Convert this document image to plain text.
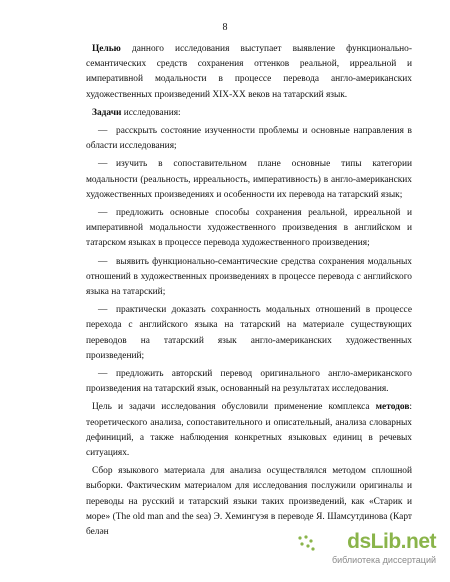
8

Целью данного исследования выступает выявление функционально-семантических средств сохранения оттенков реальной, ирреальной и императивной модальности в процессе перевода англо-американских художественных произведений XIX-XX веков на татарский язык.

Задачи исследования:

— расскрыть состояние изученности проблемы и основные направления в области исследования;

— изучить в сопоставительном плане основные типы категории модальности (реальность, ирреальность, императивность) в англо-американских художественных произведениях и особенности их перевода на татарский язык;

— предложить основные способы сохранения реальной, ирреальной и императивной модальности художественного произведения в английском и татарском языках в процессе перевода художественного произведения;

— выявить функционально-семантические средства сохранения модальных отношений в художественных произведениях в процессе перевода с английского языка на татарский;

— практически доказать сохранность модальных отношений в процессе перехода с английского языка на татарский на материале существующих переводов на татарский язык англо-американских художественных произведений;

— предложить авторский перевод оригинального англо-американского произведения на татарский язык, основанный на результатах исследования.

Цель и задачи исследования обусловили применение комплекса методов: теоретического анализа, сопоставительного и описательный, анализа словарных дефиниций, а также наблюдения конкретных языковых единиц в речевых ситуациях.

Сбор языкового материала для анализа осуществлялся методом сплошной выборки. Фактическим материалом для исследования послужили оригиналы и переводы на русский и татарский языки таких произведений, как «Старик и море» (The old man and the sea) Э. Хемингуэя в переводе Я. Шамсутдинова (Карт белән	dsLib.net
библиотека диссертаций
